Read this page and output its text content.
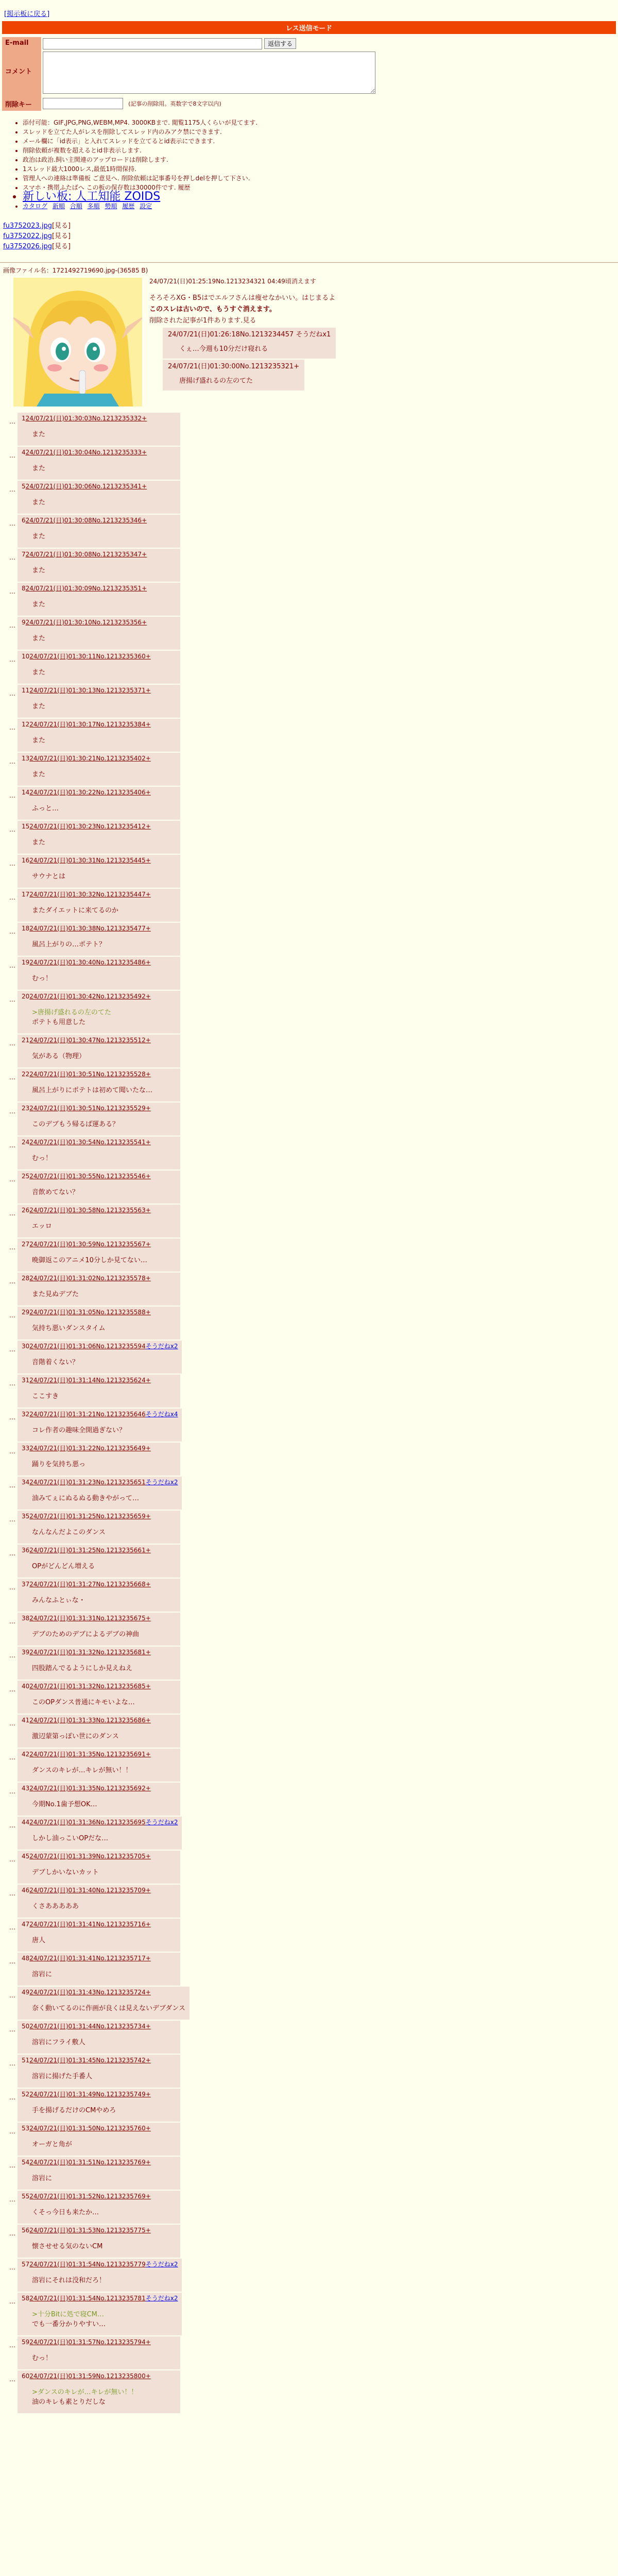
[掲示板に戻る]
レス送信モード
E-mail	返信する
コメント	
削除キー	(記事の削除用。英数字で8文字以内)
• 添付可能：GIF,JPG,PNG,WEBM,MP4. 3000KBまで. 閲覧1175人くらいが見てます.
• スレッドを立てた人がレスを削除してスレッド内のみアク禁にできます.
• メール欄に「id表示」と入れてスレッドを立てるとid表示にできます.
• 削除依頼が複数を超えるとid非表示します.
• 政治は政治.飼い主関連のアップロードは削除します.
• 1スレッド最大1000レス,最低1時間保持.
• 管理人への連絡は準備板 ご意見へ. 削除依頼は記事番号を押しdelを押して下さい.
• スマホ・携帯ふたばへ この板の保存数は30000件です. 履歴
• 新しい板: 人工知能 ZOIDS
• カタログ 新順 合順 多順 勢順 履歴 設定
fu3752023.jpg[見る]
fu3752022.jpg[見る]
fu3752026.jpg[見る]
画像ファイル名：1721492719690.jpg-(36585 B)
24/07/21(日)01:25:19No.1213234321 04:49頃消えます
そろそろXG・B5はでエルフさんは痩せなかいい。はじまるよ
このスレは古いので、もうすぐ消えます。
削除された記事が1件あります.見る
24/07/21(日)01:26:18No.1213234457 そうだねx1
くぇ…今週も10分だけ寝れる

24/07/21(日)01:30:00No.1213235321+
唐揚げ盛れるの左のてた
…	124/07/21(日)01:30:03No.1213235332+
また
…	424/07/21(日)01:30:04No.1213235333+
また
…	524/07/21(日)01:30:06No.1213235341+
また
…	624/07/21(日)01:30:08No.1213235346+
また
…	724/07/21(日)01:30:08No.1213235347+
また
…	824/07/21(日)01:30:09No.1213235351+
また
…	924/07/21(日)01:30:10No.1213235356+
また
…	1024/07/21(日)01:30:11No.1213235360+
また
…	1124/07/21(日)01:30:13No.1213235371+
また
…	1224/07/21(日)01:30:17No.1213235384+
また
…	1324/07/21(日)01:30:21No.1213235402+
また
…	1424/07/21(日)01:30:22No.1213235406+
ふっと…
…	1524/07/21(日)01:30:23No.1213235412+
また
…	1624/07/21(日)01:30:31No.1213235445+
サウナとは
…	1724/07/21(日)01:30:32No.1213235447+
またダイエットに来てるのか
…	1824/07/21(日)01:30:38No.1213235477+
風呂上がりの…ポテト？
…	1924/07/21(日)01:30:40No.1213235486+
むっ！
…	2024/07/21(日)01:30:42No.1213235492+
>唐揚げ盛れるの左のてた
ポテトも用意した
…	2124/07/21(日)01:30:47No.1213235512+
気がある（物理）
…	2224/07/21(日)01:30:51No.1213235528+
風呂上がりにポテトは初めて聞いたな…
…	2324/07/21(日)01:30:51No.1213235529+
このデブもう帰るぱ運ある？
…	2424/07/21(日)01:30:54No.1213235541+
むっ！
…	2524/07/21(日)01:30:55No.1213235546+
音飲めてない？
…	2624/07/21(日)01:30:58No.1213235563+
エッロ
…	2724/07/21(日)01:30:59No.1213235567+
晩御返このアニメ10分しか見てない…
…	2824/07/21(日)01:31:02No.1213235578+
また見ぬデブた
…	2924/07/21(日)01:31:05No.1213235588+
気持ち悪いダンスタイム
…	3024/07/21(日)01:31:06No.1213235594そうだねx2
音階着くない？
…	3124/07/21(日)01:31:14No.1213235624+
ここすき
…	3224/07/21(日)01:31:21No.1213235646そうだねx4
コレ作者の趣味全開過ぎない？
…	3324/07/21(日)01:31:22No.1213235649+
踊りを気持ち悪っ
…	3424/07/21(日)01:31:23No.1213235651そうだねx2
油みてぇにぬるぬる動きやがって…
…	3524/07/21(日)01:31:25No.1213235659+
なんなんだよこのダンス
…	3624/07/21(日)01:31:25No.1213235661+
OPがどんどん増える
…	3724/07/21(日)01:31:27No.1213235668+
みんなふとぃな・
…	3824/07/21(日)01:31:31No.1213235675+
デブのためのデブによるデブの神曲
…	3924/07/21(日)01:31:32No.1213235681+
四股踏んでるようにしか見えねえ
…	4024/07/21(日)01:31:32No.1213235685+
このOPダンス普通にキモいよな…
…	4124/07/21(日)01:31:33No.1213235686+
激辺蒙第っぽい世にのダンス
…	4224/07/21(日)01:31:35No.1213235691+
ダンスのキレが…キレが無い！！
…	4324/07/21(日)01:31:35No.1213235692+
今期No.1歯予想OK…
…	4424/07/21(日)01:31:36No.1213235695そうだねx2
しかし油っこいOPだな…
…	4524/07/21(日)01:31:39No.1213235705+
デブしかいないカット
…	4624/07/21(日)01:31:40No.1213235709+
くさあああああ
…	4724/07/21(日)01:31:41No.1213235716+
唐人
…	4824/07/21(日)01:31:41No.1213235717+
溶岩に
…	4924/07/21(日)01:31:43No.1213235724+
奈く動いてるのに作画が良くは見えないデブダンス
…	5024/07/21(日)01:31:44No.1213235734+
溶岩にフライ敷人
…	5124/07/21(日)01:31:45No.1213235742+
溶岩に揚げた手番人
…	5224/07/21(日)01:31:49No.1213235749+
手を揚げるだけのCMやめろ
…	5324/07/21(日)01:31:50No.1213235760+
オーガと角が
…	5424/07/21(日)01:31:51No.1213235769+
溶岩に
…	5524/07/21(日)01:31:52No.1213235769+
くそっ今日も来たか…
…	5624/07/21(日)01:31:53No.1213235775+
懐させせる気のないCM
…	5724/07/21(日)01:31:54No.1213235779そうだねx2
溶岩にそれは没和だろ！
…	5824/07/21(日)01:31:54No.1213235781そうだねx2
>十分Bitに処で寝CM…
でも一番分かりやすい…
…	5924/07/21(日)01:31:57No.1213235794+
むっ！
…	6024/07/21(日)01:31:59No.1213235800+
>ダンスのキレが…キレが無い！！
油のキレも素とりだしな
